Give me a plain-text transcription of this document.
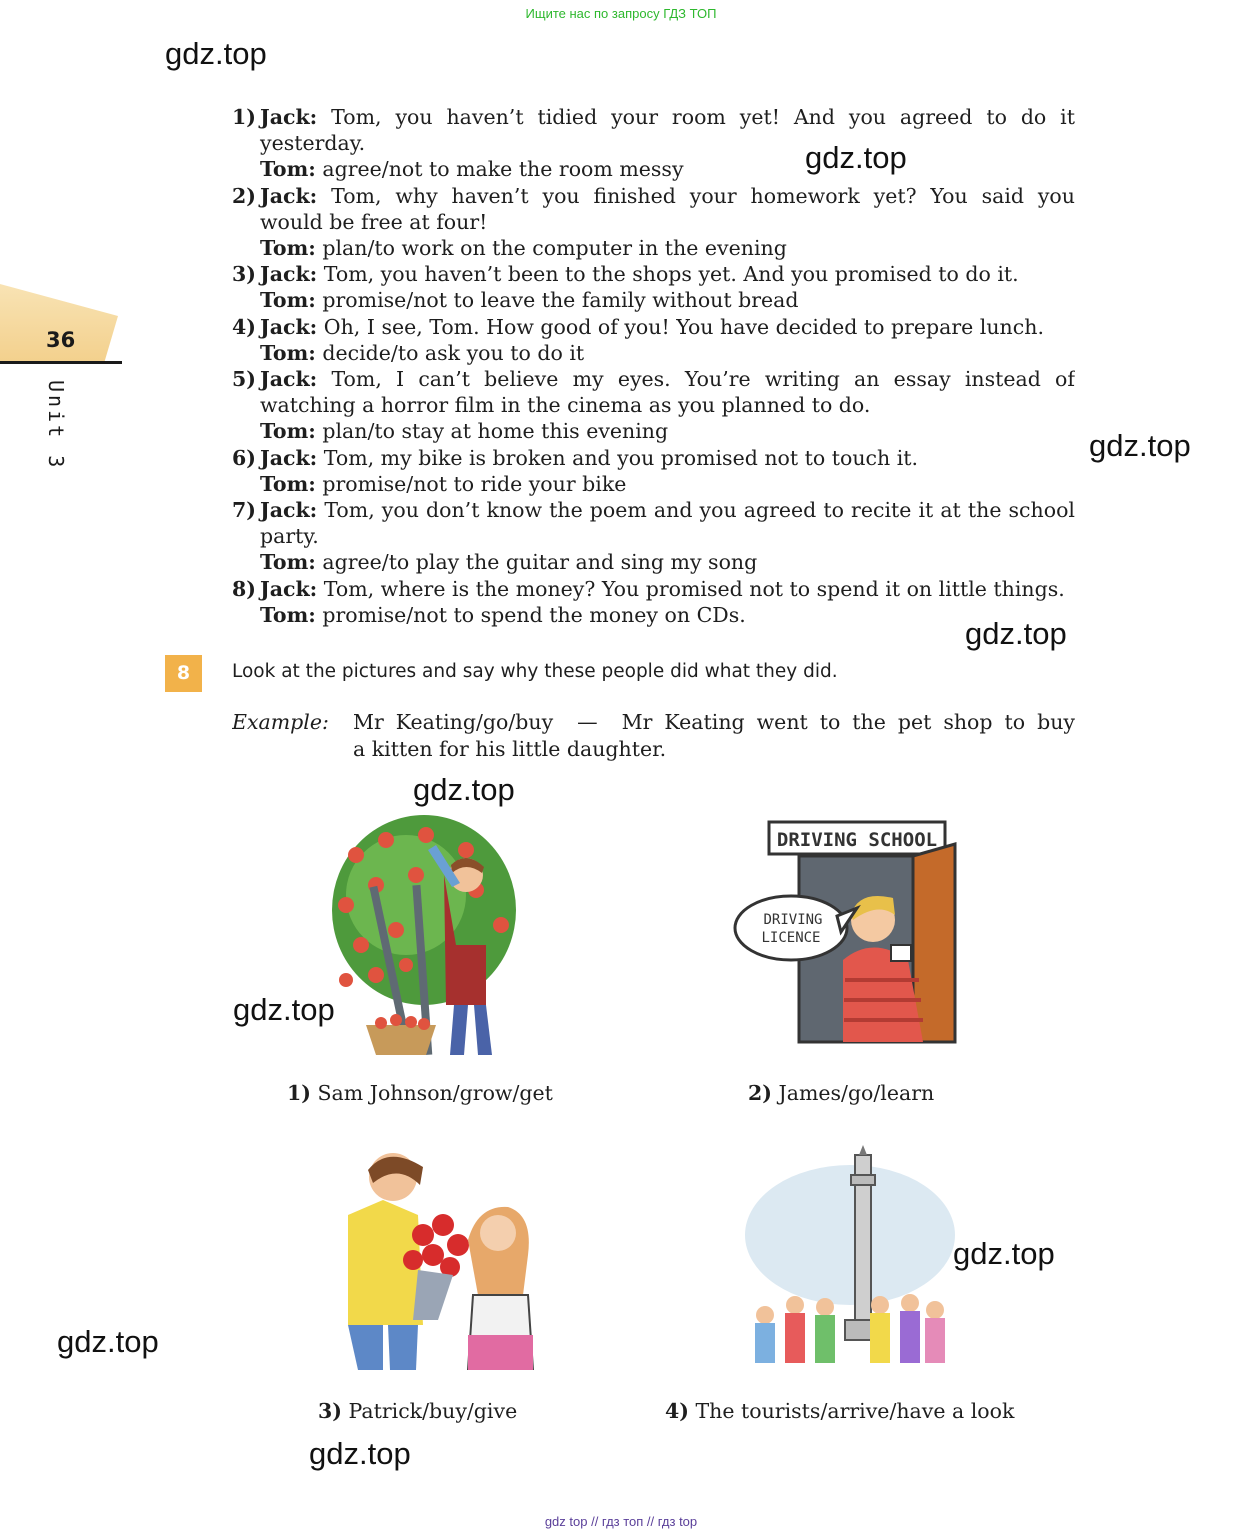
Ищите нас по запросу ГДЗ ТОП
36
Unit 3
1) Jack: Tom, you haven’t tidied your room yet! And you agreed to do it
yesterday.
Tom: agree/not to make the room messy
2) Jack: Tom, why haven’t you finished your homework yet? You said you
would be free at four!
Tom: plan/to work on the computer in the evening
3) Jack: Tom, you haven’t been to the shops yet. And you promised to do it.
Tom: promise/not to leave the family without bread
4) Jack: Oh, I see, Tom. How good of you! You have decided to prepare lunch.
Tom: decide/to ask you to do it
5) Jack: Tom, I can’t believe my eyes. You’re writing an essay instead of
watching a horror film in the cinema as you planned to do.
Tom: plan/to stay at home this evening
6) Jack: Tom, my bike is broken and you promised not to touch it.
Tom: promise/not to ride your bike
7) Jack: Tom, you don’t know the poem and you agreed to recite it at the school
party.
Tom: agree/to play the guitar and sing my song
8) Jack: Tom, where is the money? You promised not to spend it on little things.
Tom: promise/not to spend the money on CDs.
8	Look at the pictures and say why these people did what they did.
Example: Mr Keating/go/buy  —  Mr Keating went to the pet shop to buy
a kitten for his little daughter.
DRIVING SCHOOL
DRIVING
LICENCE
1) Sam Johnson/grow/get	2) James/go/learn
3) Patrick/buy/give	4) The tourists/arrive/have a look
gdz.top
gdz.top
gdz.top
gdz.top
gdz.top
gdz.top
gdz.top
gdz.top
gdz.top
gdz top // гдз топ // гдз top
